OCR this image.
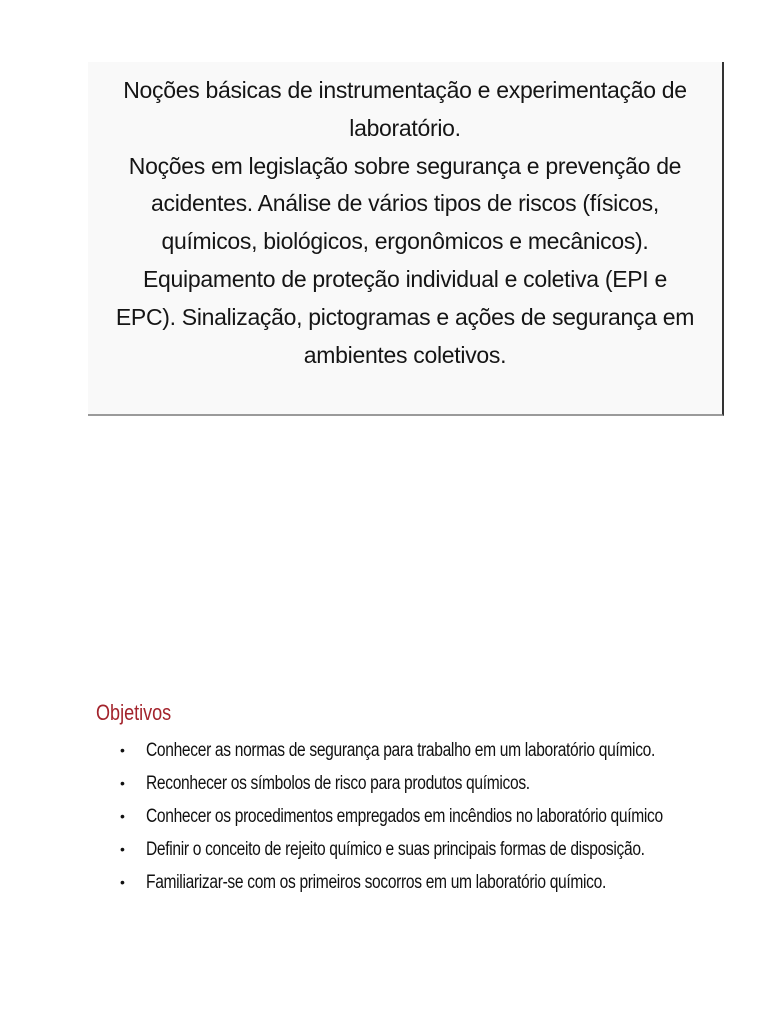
Noções básicas de instrumentação e experimentação de
laboratório.
Noções em legislação sobre segurança e prevenção de
acidentes. Análise de vários tipos de riscos (físicos,
químicos, biológicos, ergonômicos e mecânicos).
Equipamento de proteção individual e coletiva (EPI e
EPC). Sinalização, pictogramas e ações de segurança em
ambientes coletivos.
Objetivos
• Conhecer as normas de segurança para trabalho em um laboratório químico.
• Reconhecer os símbolos de risco para produtos químicos.
• Conhecer os procedimentos empregados em incêndios no laboratório químico
• Definir o conceito de rejeito químico e suas principais formas de disposição.
• Familiarizar-se com os primeiros socorros em um laboratório químico.
